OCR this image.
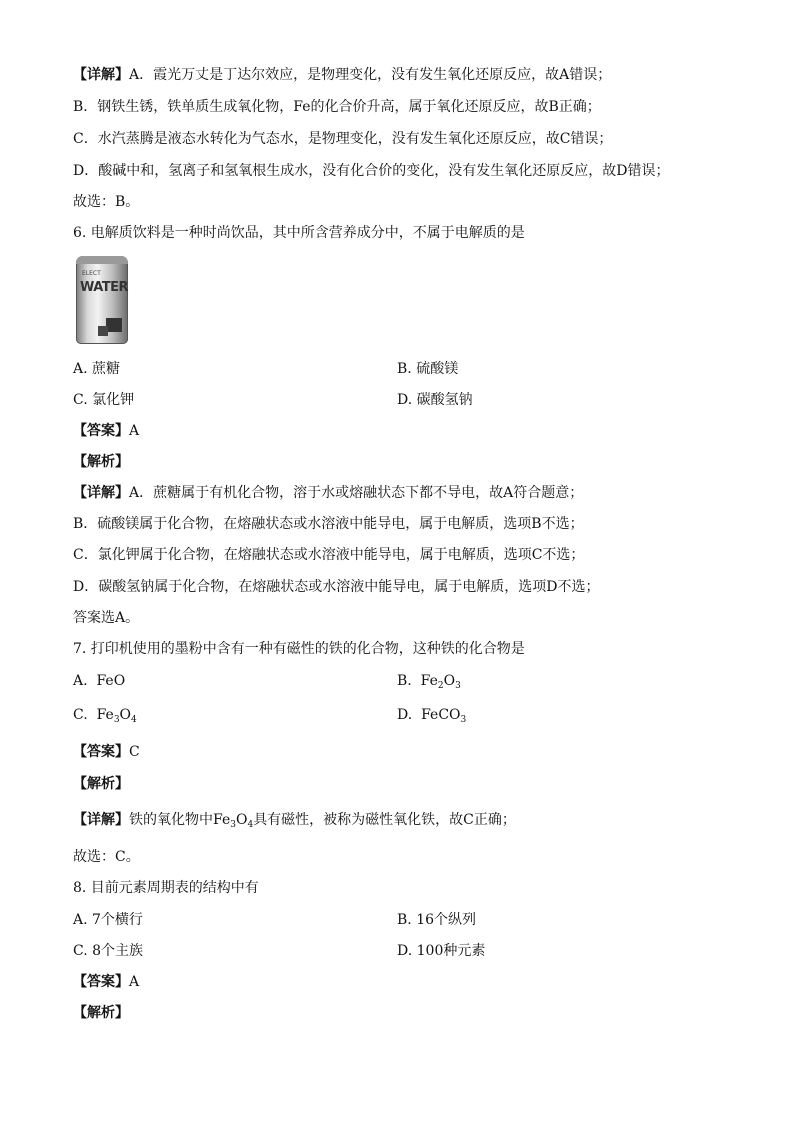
【详解】A．霞光万丈是丁达尔效应，是物理变化，没有发生氧化还原反应，故A错误；
B．钢铁生锈，铁单质生成氧化物，Fe的化合价升高，属于氧化还原反应，故B正确；
C．水汽蒸腾是液态水转化为气态水，是物理变化，没有发生氧化还原反应，故C错误；
D．酸碱中和，氢离子和氢氧根生成水，没有化合价的变化，没有发生氧化还原反应，故D错误；
故选：B。
6. 电解质饮料是一种时尚饮品，其中所含营养成分中，不属于电解质的是
ELECT
WATER
A. 蔗糖	B. 硫酸镁
C. 氯化钾	D. 碳酸氢钠
【答案】A
【解析】
【详解】A．蔗糖属于有机化合物，溶于水或熔融状态下都不导电，故A符合题意；
B．硫酸镁属于化合物，在熔融状态或水溶液中能导电，属于电解质，选项B不选；
C．氯化钾属于化合物，在熔融状态或水溶液中能导电，属于电解质，选项C不选；
D．碳酸氢钠属于化合物，在熔融状态或水溶液中能导电，属于电解质，选项D不选；
答案选A。
7. 打印机使用的墨粉中含有一种有磁性的铁的化合物，这种铁的化合物是
A. FeO	B. $Fe_2O_3$
C. $Fe_3O_4$	D. FeCO$_3$
【答案】C
【解析】
【详解】铁的氧化物中$Fe_3O_4$具有磁性，被称为磁性氧化铁，故C正确；
故选：C。
8. 目前元素周期表的结构中有
A. 7个横行	B. 16个纵列
C. 8个主族	D. 100种元素
【答案】A
【解析】
